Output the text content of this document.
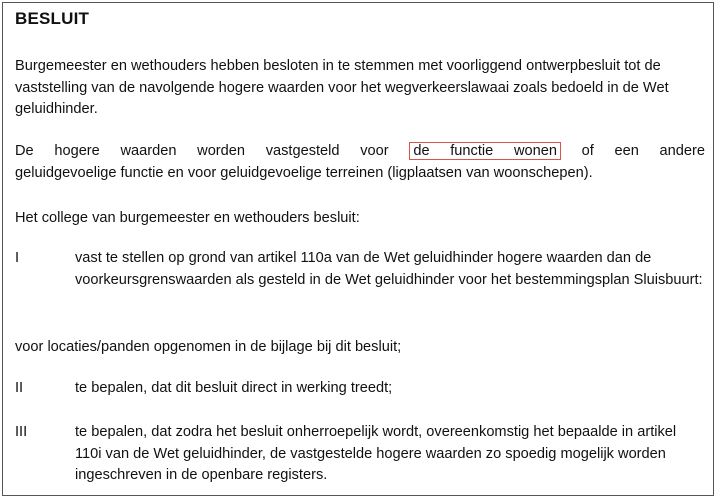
BESLUIT

Burgemeester en wethouders hebben besloten in te stemmen met voorliggend ontwerpbesluit tot de vaststelling van de navolgende hogere waarden voor het wegverkeerslawaai zoals bedoeld in de Wet geluidhinder.

De hogere waarden worden vastgesteld voor de functie wonen of een andere
geluidgevoelige functie en voor geluidgevoelige terreinen (ligplaatsen van woonschepen).

Het college van burgemeester en wethouders besluit:

I	vast te stellen op grond van artikel 110a van de Wet geluidhinder hogere waarden dan de voorkeursgrenswaarden als gesteld in de Wet geluidhinder voor het bestemmingsplan Sluisbuurt:

voor locaties/panden opgenomen in de bijlage bij dit besluit;

II	te bepalen, dat dit besluit direct in werking treedt;
III	te bepalen, dat zodra het besluit onherroepelijk wordt, overeenkomstig het bepaalde in artikel 110i van de Wet geluidhinder, de vastgestelde hogere waarden zo spoedig mogelijk worden ingeschreven in de openbare registers.
